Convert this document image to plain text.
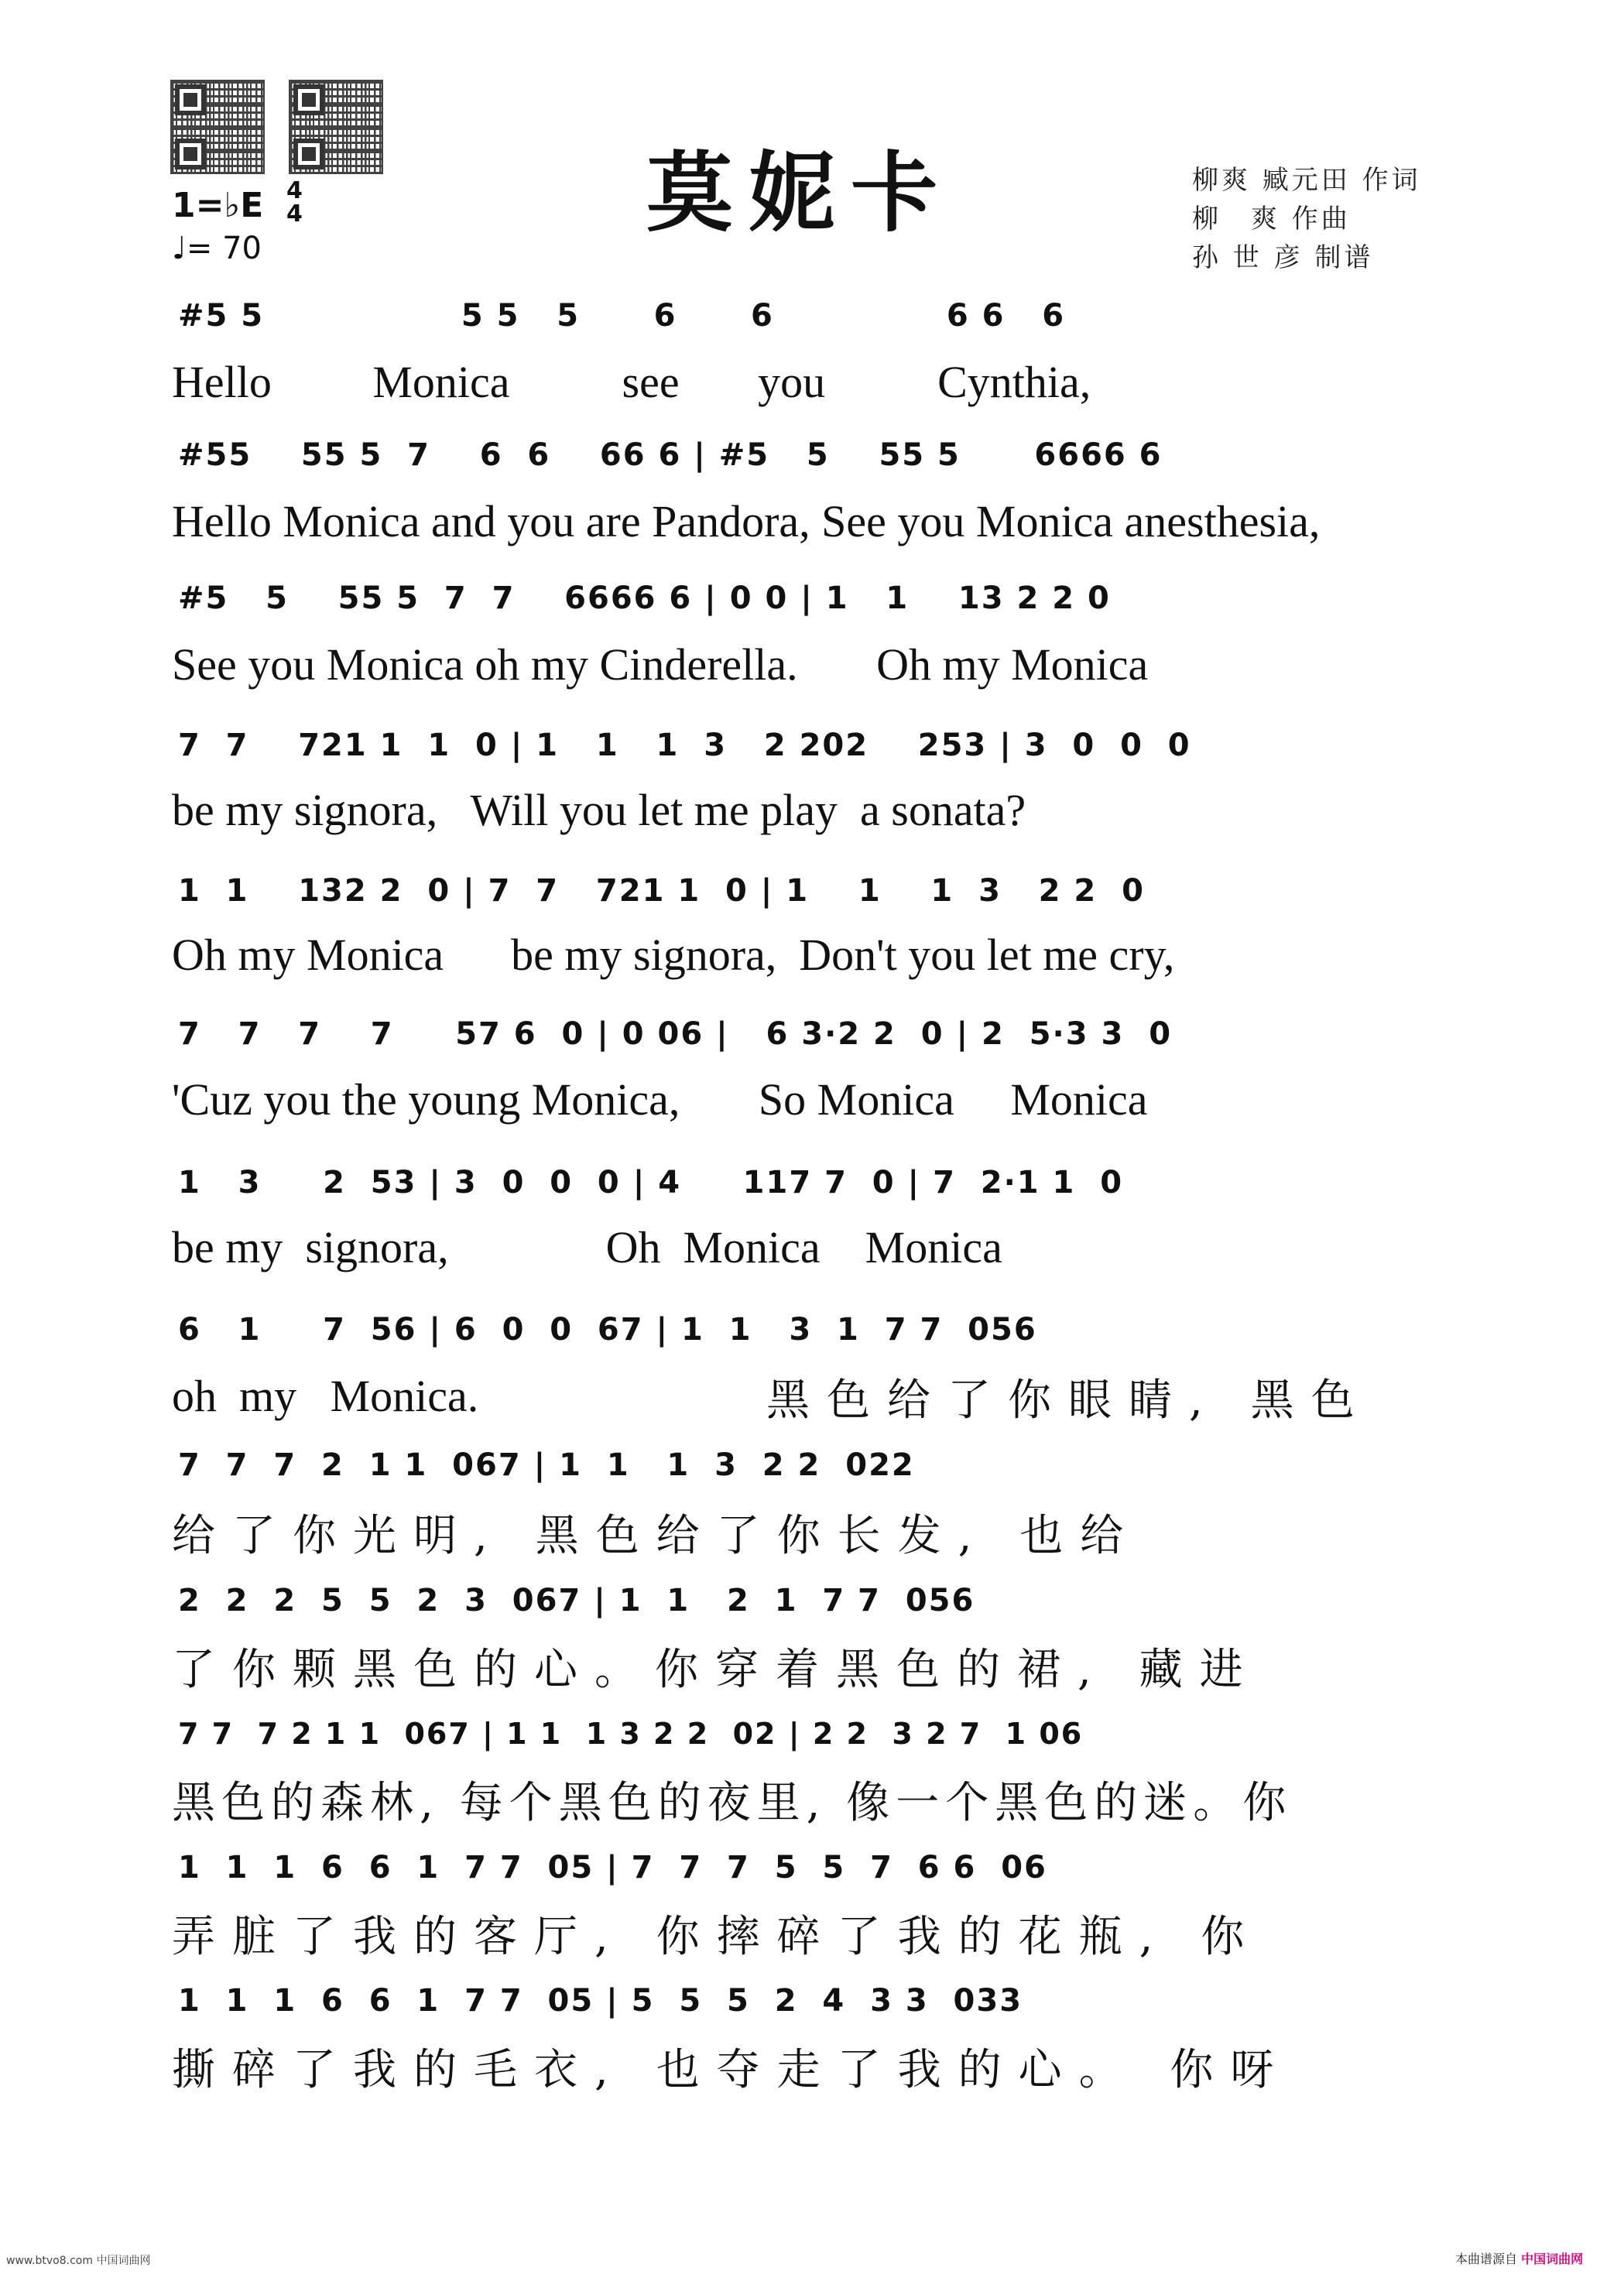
莫妮卡	柳爽 臧元田 作词
柳　爽 作曲
孙 世 彦 制谱
1=♭E 4
4
♩= 70
#5 5                5 5   5      6      6              6 6   6
Hello         Monica          see       you          Cynthia,
#55    55 5  7    6  6    66 6 | #5   5    55 5      6666 6
Hello Monica and you are Pandora, See you Monica anesthesia,
#5   5    55 5  7  7    6666 6 | 0 0 | 1   1    13 2 2 0
See you Monica oh my Cinderella.       Oh my Monica
7  7    721 1  1  0 | 1   1   1  3   2 202    253 | 3  0  0  0
be my signora,   Will you let me play  a sonata?
1  1    132 2  0 | 7  7   721 1  0 | 1    1    1  3   2 2  0
Oh my Monica      be my signora,  Don't you let me cry,
7   7   7    7     57 6  0 | 0 06 |   6 3·2 2  0 | 2  5·3 3  0
'Cuz you the young Monica,       So Monica     Monica
1   3     2  53 | 3  0  0  0 | 4     117 7  0 | 7  2·1 1  0
be my  signora,              Oh  Monica    Monica
6   1     7  56 | 6  0  0  67 | 1  1   3  1  7 7  056
oh  my   Monica.	黑色给了你眼睛, 黑色
7  7  7  2  1 1  067 | 1  1   1  3  2 2  022
给了你光明, 黑色给了你长发, 也给
2  2  2  5  5  2  3  067 | 1  1   2  1  7 7  056
了你颗黑色的心。你穿着黑色的裙, 藏进
7 7  7 2 1 1  067 | 1 1  1 3 2 2  02 | 2 2  3 2 7  1 06
黑色的森林, 每个黑色的夜里, 像一个黑色的迷。你
1  1  1  6  6  1  7 7  05 | 7  7  7  5  5  7  6 6  06
弄脏了我的客厅, 你摔碎了我的花瓶, 你
1  1  1  6  6  1  7 7  05 | 5  5  5  2  4  3 3  033
撕碎了我的毛衣, 也夺走了我的心。 你呀
www.btvo8.com 中国词曲网	本曲谱源自 中国词曲网
